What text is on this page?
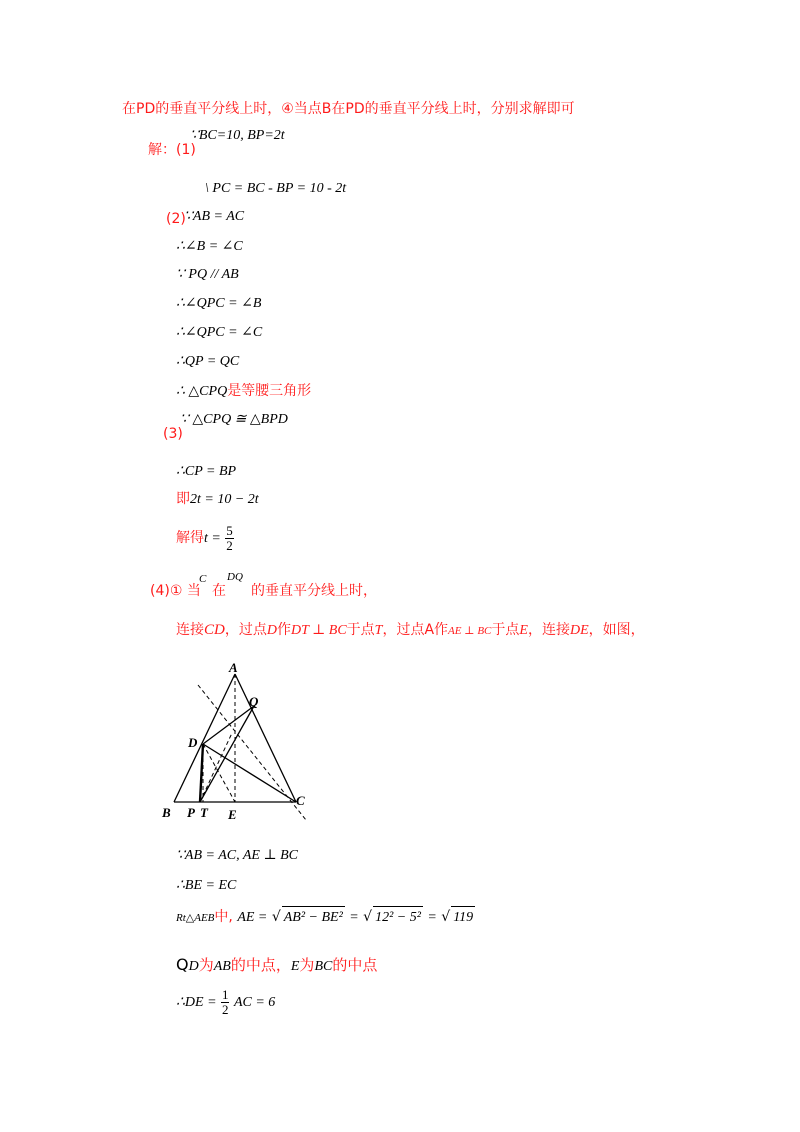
在PD的垂直平分线上时，④当点B在PD的垂直平分线上时，分别求解即可
∵BC=10, BP=2t
解：(1)
\ PC = BC - BP = 10 - 2t
(2)
∵AB = AC
∴∠B = ∠C
∵ PQ // AB
∴∠QPC = ∠B
∴∠QPC = ∠C
∴QP = QC
∴ △CPQ是等腰三角形
∵ △CPQ ≅ △BPD
(3)
∴CP = BP
即2t = 10 − 2t
解得$t = \frac{5}{2}$
(4)① 当
C
在
DQ
的垂直平分线上时，
连接CD，过点D作DT ⊥ BC于点T，过点A作AE ⊥ BC于点E，连接DE，如图，
A
Q
D
B P T E
C
∵AB = AC, AE ⊥ BC
∴BE = EC
Rt△AEB中, AE = √ AB² − BE² = √ 12² − 5² = √ 119
QD为AB的中点，E为BC的中点
∴DE = $\frac{1}{2}$ AC = 6
